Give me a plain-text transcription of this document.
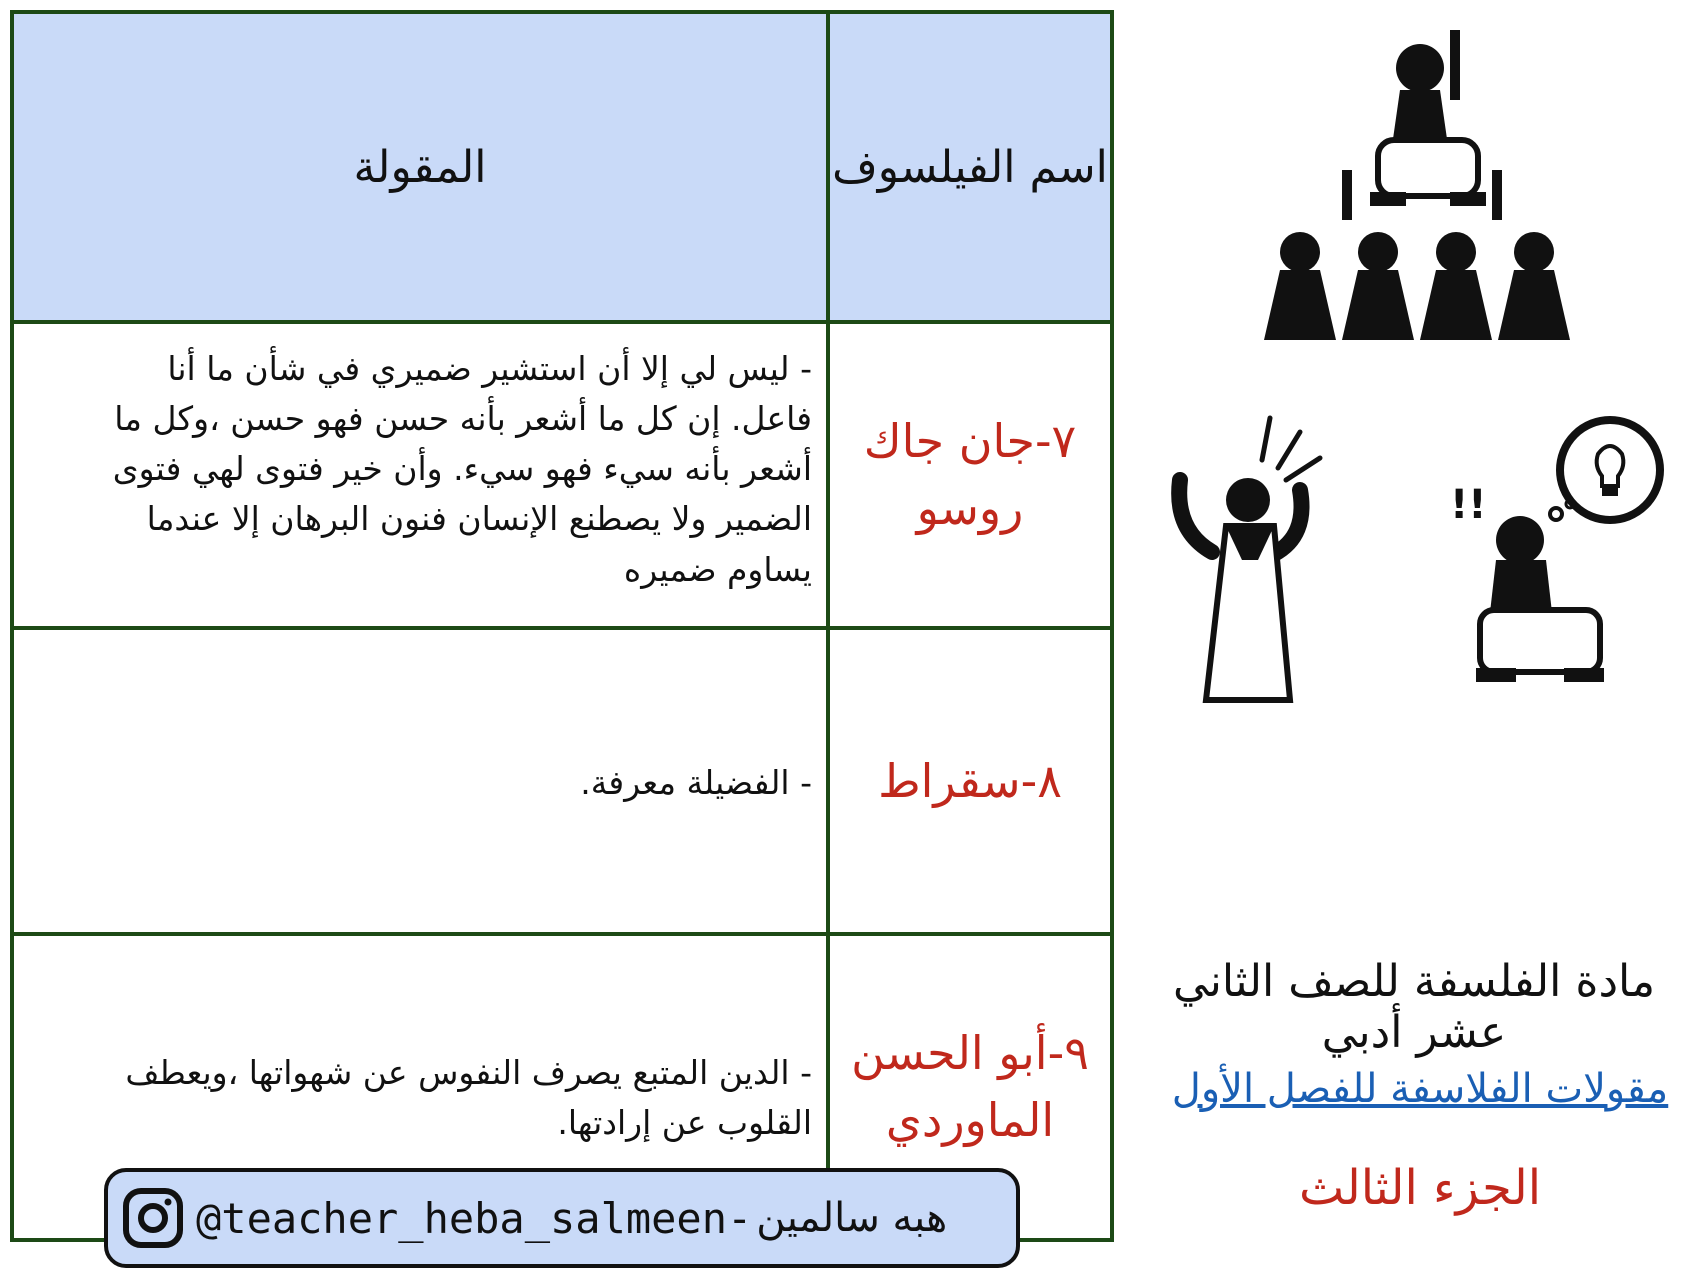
المقولة	اسم الفيلسوف
- ليس لي إلا أن استشير ضميري في شأن ما أنا فاعل. إن كل ما أشعر بأنه حسن فهو حسن ،وكل ما أشعر بأنه سيء فهو سيء. وأن خير فتوى لهي فتوى الضمير ولا يصطنع الإنسان فنون البرهان إلا عندما يساوم ضميره
٧-جان جاك روسو
- الفضيلة معرفة.	٨-سقراط
- الدين المتبع يصرف النفوس عن شهواتها ،ويعطف القلوب عن إرادتها.
٩-أبو الحسن الماوردي
@teacher_heba_salmeen- هبه سالمين
!!
مادة الفلسفة للصف الثاني عشر أدبي
مقولات الفلاسفة للفصل الأول
الجزء الثالث
